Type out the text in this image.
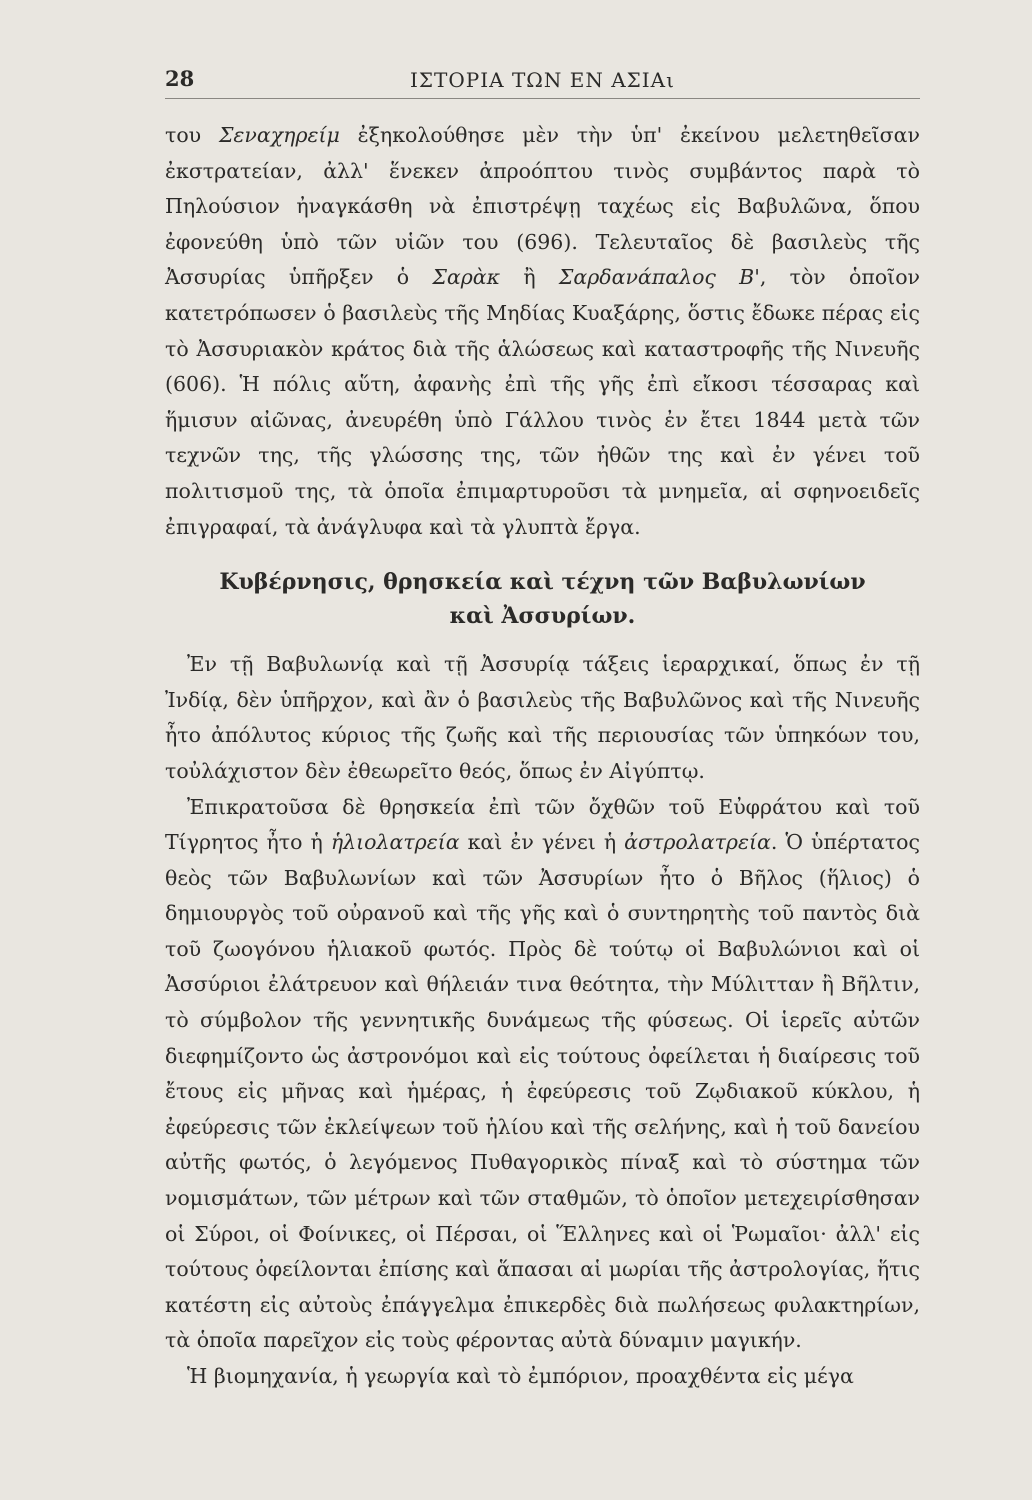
28	ΙΣΤΟΡΙΑ ΤΩΝ ΕΝ ΑΣΙΑι

του Σεναχηρείμ ἐξηκολούθησε μὲν τὴν ὑπ' ἐκείνου μελετηθεῖσαν ἐκστρατείαν, ἀλλ' ἕνεκεν ἀπροόπτου τινὸς συμβάντος παρὰ τὸ Πηλούσιον ἠναγκάσθη νὰ ἐπιστρέψῃ ταχέως εἰς Βαβυλῶνα, ὅπου ἐφονεύθη ὑπὸ τῶν υἱῶν του (696). Τελευταῖος δὲ βασιλεὺς τῆς Ἀσσυρίας ὑπῆρξεν ὁ Σαρὰκ ἢ Σαρδανάπαλος Β', τὸν ὁποῖον κατετρόπωσεν ὁ βασιλεὺς τῆς Μηδίας Κυαξάρης, ὅστις ἔδωκε πέρας εἰς τὸ Ἀσσυριακὸν κράτος διὰ τῆς ἁλώσεως καὶ καταστροφῆς τῆς Νινευῆς (606). Ἡ πόλις αὕτη, ἀφανὴς ἐπὶ τῆς γῆς ἐπὶ εἴκοσι τέσσαρας καὶ ἥμισυν αἰῶνας, ἀνευρέθη ὑπὸ Γάλλου τινὸς ἐν ἔτει 1844 μετὰ τῶν τεχνῶν της, τῆς γλώσσης της, τῶν ἠθῶν της καὶ ἐν γένει τοῦ πολιτισμοῦ της, τὰ ὁποῖα ἐπιμαρτυροῦσι τὰ μνημεῖα, αἱ σφηνοειδεῖς ἐπιγραφαί, τὰ ἀνάγλυφα καὶ τὰ γλυπτὰ ἔργα.

Κυβέρνησις, θρησκεία καὶ τέχνη τῶν Βαβυλωνίων καὶ Ἀσσυρίων.

Ἐν τῇ Βαβυλωνίᾳ καὶ τῇ Ἀσσυρίᾳ τάξεις ἱεραρχικαί, ὅπως ἐν τῇ Ἰνδίᾳ, δὲν ὑπῆρχον, καὶ ἂν ὁ βασιλεὺς τῆς Βαβυλῶνος καὶ τῆς Νινευῆς ἦτο ἀπόλυτος κύριος τῆς ζωῆς καὶ τῆς περιουσίας τῶν ὑπηκόων του, τοὐλάχιστον δὲν ἐθεωρεῖτο θεός, ὅπως ἐν Αἰγύπτῳ.

Ἐπικρατοῦσα δὲ θρησκεία ἐπὶ τῶν ὄχθῶν τοῦ Εὐφράτου καὶ τοῦ Τίγρητος ἦτο ἡ ἡλιολατρεία καὶ ἐν γένει ἡ ἀστρολατρεία. Ὁ ὑπέρτατος θεὸς τῶν Βαβυλωνίων καὶ τῶν Ἀσσυρίων ἦτο ὁ Βῆλος (ἥλιος) ὁ δημιουργὸς τοῦ οὐρανοῦ καὶ τῆς γῆς καὶ ὁ συντηρητὴς τοῦ παντὸς διὰ τοῦ ζωογόνου ἡλιακοῦ φωτός. Πρὸς δὲ τούτῳ οἱ Βαβυλώνιοι καὶ οἱ Ἀσσύριοι ἐλάτρευον καὶ θήλειάν τινα θεότητα, τὴν Μύλιτταν ἢ Βῆλτιν, τὸ σύμβολον τῆς γεννητικῆς δυνάμεως τῆς φύσεως. Οἱ ἱερεῖς αὐτῶν διεφημίζοντο ὡς ἀστρονόμοι καὶ εἰς τούτους ὀφείλεται ἡ διαίρεσις τοῦ ἔτους εἰς μῆνας καὶ ἡμέρας, ἡ ἐφεύρεσις τοῦ Ζῳδιακοῦ κύκλου, ἡ ἐφεύρεσις τῶν ἐκλείψεων τοῦ ἡλίου καὶ τῆς σελήνης, καὶ ἡ τοῦ δανείου αὐτῆς φωτός, ὁ λεγόμενος Πυθαγορικὸς πίναξ καὶ τὸ σύστημα τῶν νομισμάτων, τῶν μέτρων καὶ τῶν σταθμῶν, τὸ ὁποῖον μετεχειρίσθησαν οἱ Σύροι, οἱ Φοίνικες, οἱ Πέρσαι, οἱ Ἕλληνες καὶ οἱ Ῥωμαῖοι· ἀλλ' εἰς τούτους ὀφείλονται ἐπίσης καὶ ἅπασαι αἱ μωρίαι τῆς ἀστρολογίας, ἥτις κατέστη εἰς αὐτοὺς ἐπάγγελμα ἐπικερδὲς διὰ πωλήσεως φυλακτηρίων, τὰ ὁποῖα παρεῖχον εἰς τοὺς φέροντας αὐτὰ δύναμιν μαγικήν.

Ἡ βιομηχανία, ἡ γεωργία καὶ τὸ ἐμπόριον, προαχθέντα εἰς μέγα
